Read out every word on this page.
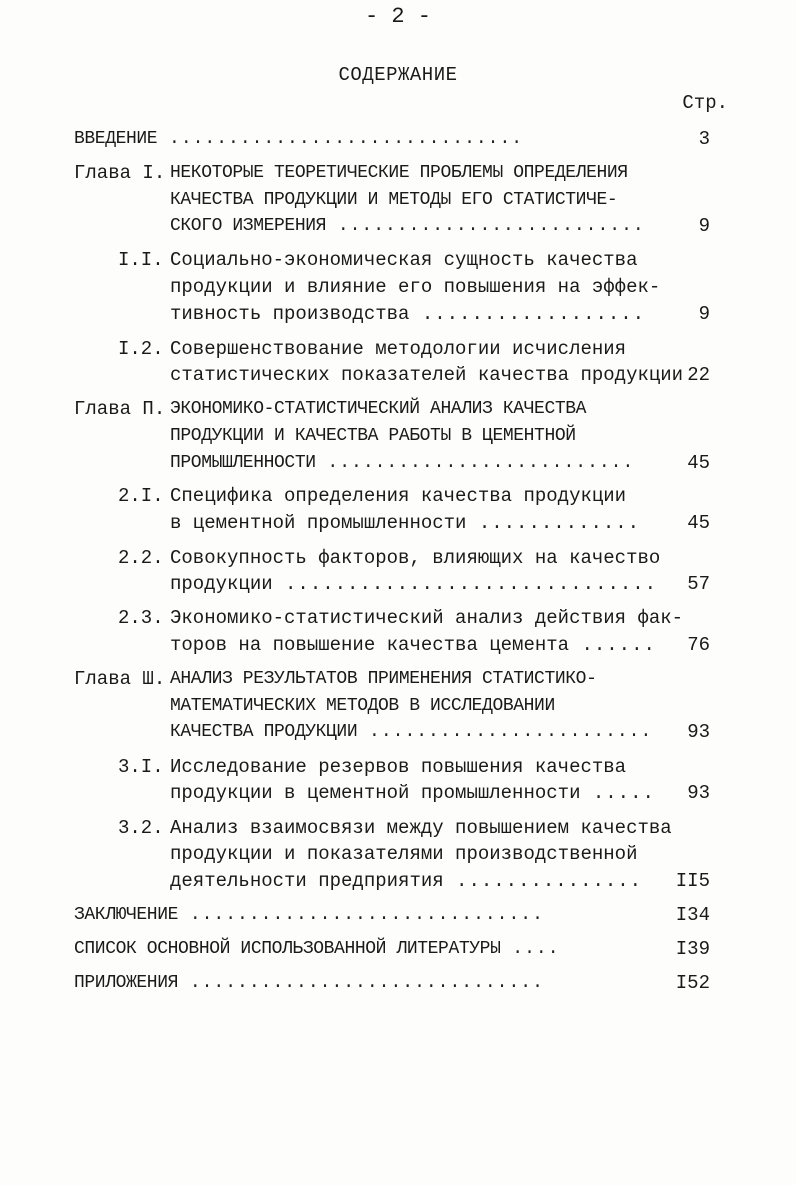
- 2 -
СОДЕРЖАНИЕ
Стр.
ВВЕДЕНИЕ ..............................	3
Глава I. НЕКОТОРЫЕ ТЕОРЕТИЧЕСКИЕ ПРОБЛЕМЫ ОПРЕДЕЛЕНИЯ
КАЧЕСТВА ПРОДУКЦИИ И МЕТОДЫ ЕГО СТАТИСТИЧЕ-
СКОГО ИЗМЕРЕНИЯ ..........................	9
I.I. Социально-экономическая сущность качества
продукции и влияние его повышения на эффек-
тивность производства ..................	9
I.2. Совершенствование методологии исчисления
статистических показателей качества продукции 22
Глава П. ЭКОНОМИКО-СТАТИСТИЧЕСКИЙ АНАЛИЗ КАЧЕСТВА
ПРОДУКЦИИ И КАЧЕСТВА РАБОТЫ В ЦЕМЕНТНОЙ
ПРОМЫШЛЕННОСТИ ..........................	45
2.I. Специфика определения качества продукции
в цементной промышленности ............. 45
2.2. Совокупность факторов, влияющих на качество
продукции .............................. 57
2.3. Экономико-статистический анализ действия фак-
торов на повышение качества цемента ...... 76
Глава Ш. АНАЛИЗ РЕЗУЛЬТАТОВ ПРИМЕНЕНИЯ СТАТИСТИКО-
МАТЕМАТИЧЕСКИХ МЕТОДОВ В ИССЛЕДОВАНИИ
КАЧЕСТВА ПРОДУКЦИИ ........................ 93
3.I. Исследование резервов повышения качества
продукции в цементной промышленности ..... 93
3.2. Анализ взаимосвязи между повышением качества
продукции и показателями производственной
деятельности предприятия ............... II5
ЗАКЛЮЧЕНИЕ ..............................	I34
СПИСОК ОСНОВНОЙ ИСПОЛЬЗОВАННОЙ ЛИТЕРАТУРЫ ....	I39
ПРИЛОЖЕНИЯ ..............................	I52
